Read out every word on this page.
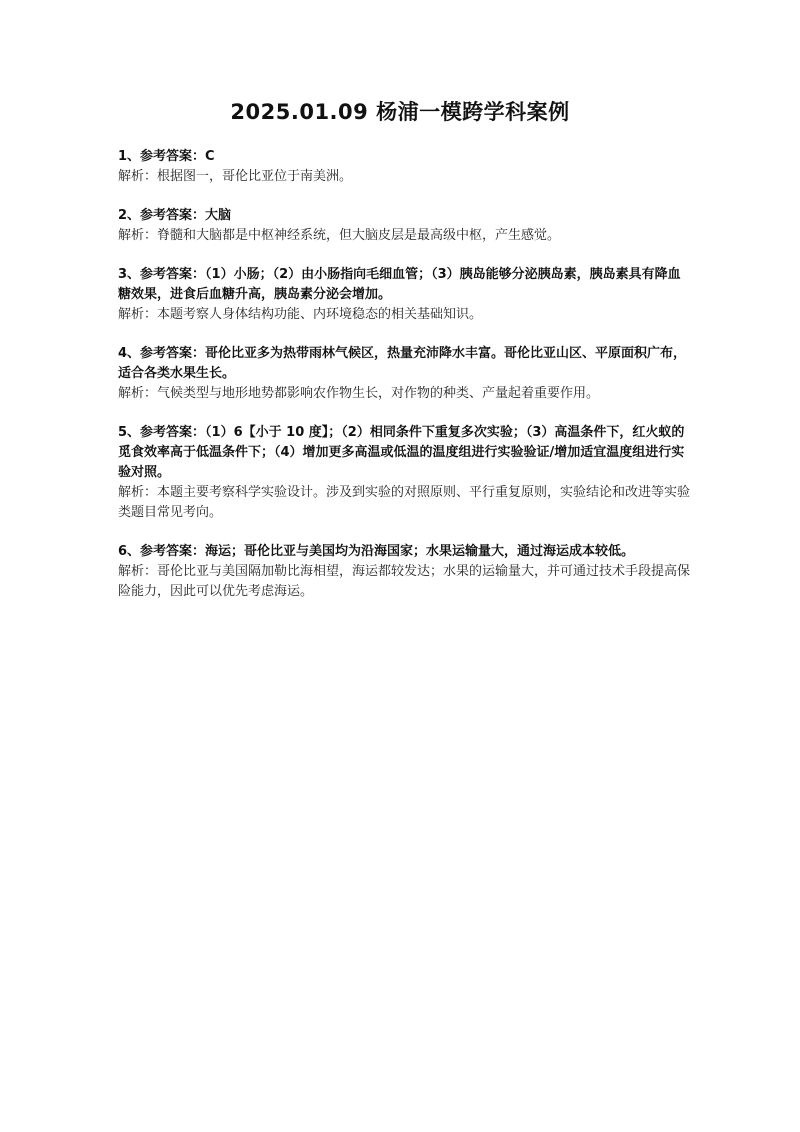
2025.01.09 杨浦一模跨学科案例
1、参考答案：C
解析：根据图一，哥伦比亚位于南美洲。
2、参考答案：大脑
解析：脊髓和大脑都是中枢神经系统，但大脑皮层是最高级中枢，产生感觉。
3、参考答案：（1）小肠；（2）由小肠指向毛细血管；（3）胰岛能够分泌胰岛素，胰岛素具有降血糖效果，进食后血糖升高，胰岛素分泌会增加。
解析：本题考察人身体结构功能、内环境稳态的相关基础知识。
4、参考答案：哥伦比亚多为热带雨林气候区，热量充沛降水丰富。哥伦比亚山区、平原面积广布，适合各类水果生长。
解析：气候类型与地形地势都影响农作物生长，对作物的种类、产量起着重要作用。
5、参考答案：（1）6【小于 10 度】；（2）相同条件下重复多次实验；（3）高温条件下，红火蚁的觅食效率高于低温条件下；（4）增加更多高温或低温的温度组进行实验验证/增加适宜温度组进行实验对照。
解析：本题主要考察科学实验设计。涉及到实验的对照原则、平行重复原则，实验结论和改进等实验类题目常见考向。
6、参考答案：海运；哥伦比亚与美国均为沿海国家；水果运输量大，通过海运成本较低。
解析：哥伦比亚与美国隔加勒比海相望，海运都较发达；水果的运输量大，并可通过技术手段提高保险能力，因此可以优先考虑海运。
